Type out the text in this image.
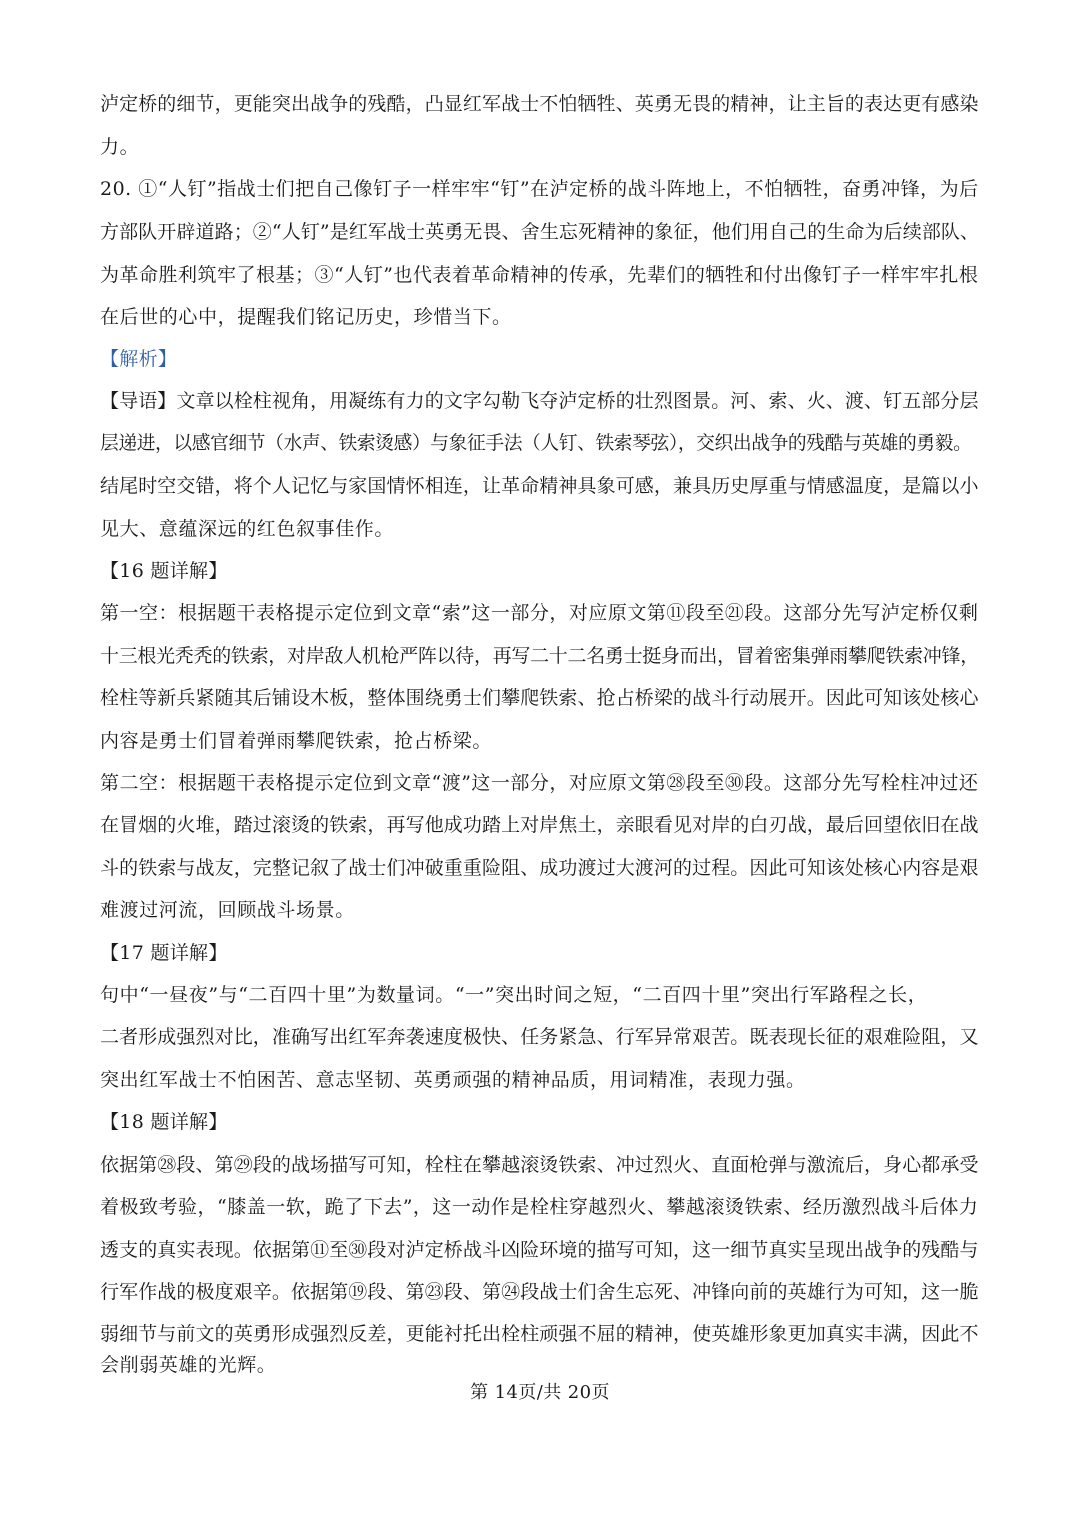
泸定桥的细节，更能突出战争的残酷，凸显红军战士不怕牺牲、英勇无畏的精神，让主旨的表达更有感染
力。
20. ①“人钉”指战士们把自己像钉子一样牢牢“钉”在泸定桥的战斗阵地上，不怕牺牲，奋勇冲锋，为后
方部队开辟道路；②“人钉”是红军战士英勇无畏、舍生忘死精神的象征，他们用自己的生命为后续部队、
为革命胜利筑牢了根基；③“人钉”也代表着革命精神的传承，先辈们的牺牲和付出像钉子一样牢牢扎根
在后世的心中，提醒我们铭记历史，珍惜当下。
【解析】
【导语】文章以栓柱视角，用凝练有力的文字勾勒飞夺泸定桥的壮烈图景。河、索、火、渡、钉五部分层
层递进，以感官细节（水声、铁索烫感）与象征手法（人钉、铁索琴弦），交织出战争的残酷与英雄的勇毅。
结尾时空交错，将个人记忆与家国情怀相连，让革命精神具象可感，兼具历史厚重与情感温度，是篇以小
见大、意蕴深远的红色叙事佳作。
【16 题详解】
第一空：根据题干表格提示定位到文章“索”这一部分，对应原文第⑪段至㉑段。这部分先写泸定桥仅剩
十三根光秃秃的铁索，对岸敌人机枪严阵以待，再写二十二名勇士挺身而出，冒着密集弹雨攀爬铁索冲锋，
栓柱等新兵紧随其后铺设木板，整体围绕勇士们攀爬铁索、抢占桥梁的战斗行动展开。因此可知该处核心
内容是勇士们冒着弹雨攀爬铁索，抢占桥梁。
第二空：根据题干表格提示定位到文章“渡”这一部分，对应原文第㉘段至㉚段。这部分先写栓柱冲过还
在冒烟的火堆，踏过滚烫的铁索，再写他成功踏上对岸焦土，亲眼看见对岸的白刃战，最后回望依旧在战
斗的铁索与战友，完整记叙了战士们冲破重重险阻、成功渡过大渡河的过程。因此可知该处核心内容是艰
难渡过河流，回顾战斗场景。
【17 题详解】
句中“一昼夜”与“二百四十里”为数量词。“一”突出时间之短，“二百四十里”突出行军路程之长，
二者形成强烈对比，准确写出红军奔袭速度极快、任务紧急、行军异常艰苦。既表现长征的艰难险阻，又
突出红军战士不怕困苦、意志坚韧、英勇顽强的精神品质，用词精准，表现力强。
【18 题详解】
依据第㉘段、第㉙段的战场描写可知，栓柱在攀越滚烫铁索、冲过烈火、直面枪弹与激流后，身心都承受
着极致考验，“膝盖一软，跪了下去”，这一动作是栓柱穿越烈火、攀越滚烫铁索、经历激烈战斗后体力
透支的真实表现。依据第⑪至㉚段对泸定桥战斗凶险环境的描写可知，这一细节真实呈现出战争的残酷与
行军作战的极度艰辛。依据第⑲段、第㉓段、第㉔段战士们舍生忘死、冲锋向前的英雄行为可知，这一脆
弱细节与前文的英勇形成强烈反差，更能衬托出栓柱顽强不屈的精神，使英雄形象更加真实丰满，因此不
会削弱英雄的光辉。
第 14页/共 20页
